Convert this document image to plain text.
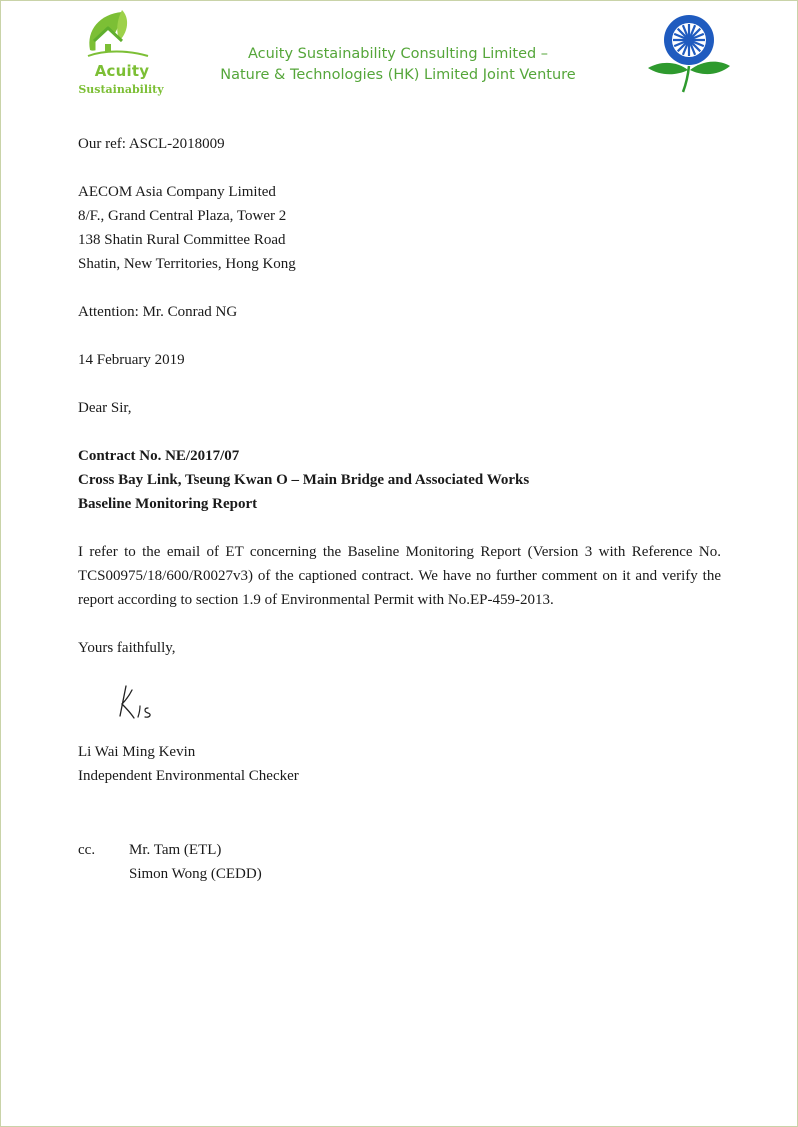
Acuity
Sustainability
Acuity Sustainability Consulting Limited –
Nature & Technologies (HK) Limited Joint Venture
Our ref: ASCL-2018009
AECOM Asia Company Limited
8/F., Grand Central Plaza, Tower 2
138 Shatin Rural Committee Road
Shatin, New Territories, Hong Kong
Attention: Mr. Conrad NG
14 February 2019
Dear Sir,
Contract No. NE/2017/07
Cross Bay Link, Tseung Kwan O – Main Bridge and Associated Works
Baseline Monitoring Report
I refer to the email of ET concerning the Baseline Monitoring Report (Version 3 with Reference No. TCS00975/18/600/R0027v3) of the captioned contract. We have no further comment on it and verify the report according to section 1.9 of Environmental Permit with No.EP-459-2013.
Yours faithfully,
Li Wai Ming Kevin
Independent Environmental Checker
cc. Mr. Tam (ETL)
Simon Wong (CEDD)
